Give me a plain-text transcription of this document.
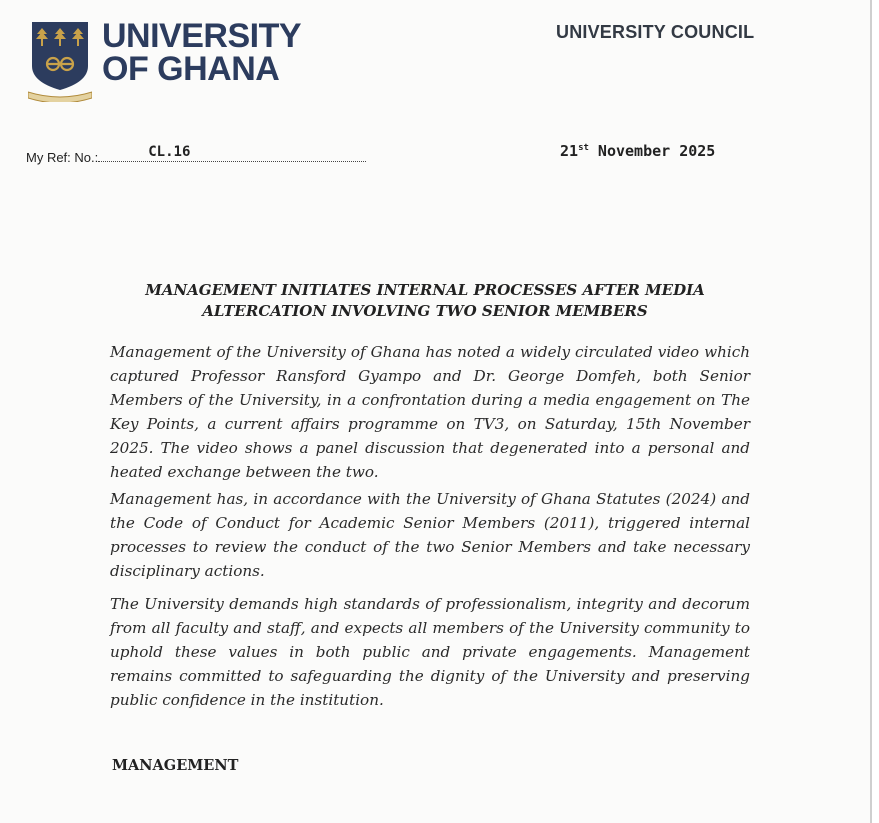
UNIVERSITY
OF GHANA
UNIVERSITY COUNCIL
My Ref: No.:	CL.16	21st November 2025
MANAGEMENT INITIATES INTERNAL PROCESSES AFTER MEDIA ALTERCATION INVOLVING TWO SENIOR MEMBERS

Management of the University of Ghana has noted a widely circulated video which captured Professor Ransford Gyampo and Dr. George Domfeh, both Senior Members of the University, in a confrontation during a media engagement on The Key Points, a current affairs programme on TV3, on Saturday, 15th November 2025. The video shows a panel discussion that degenerated into a personal and heated exchange between the two.

Management has, in accordance with the University of Ghana Statutes (2024) and the Code of Conduct for Academic Senior Members (2011), triggered internal processes to review the conduct of the two Senior Members and take necessary disciplinary actions.

The University demands high standards of professionalism, integrity and decorum from all faculty and staff, and expects all members of the University community to uphold these values in both public and private engagements. Management remains committed to safeguarding the dignity of the University and preserving public confidence in the institution.

MANAGEMENT
